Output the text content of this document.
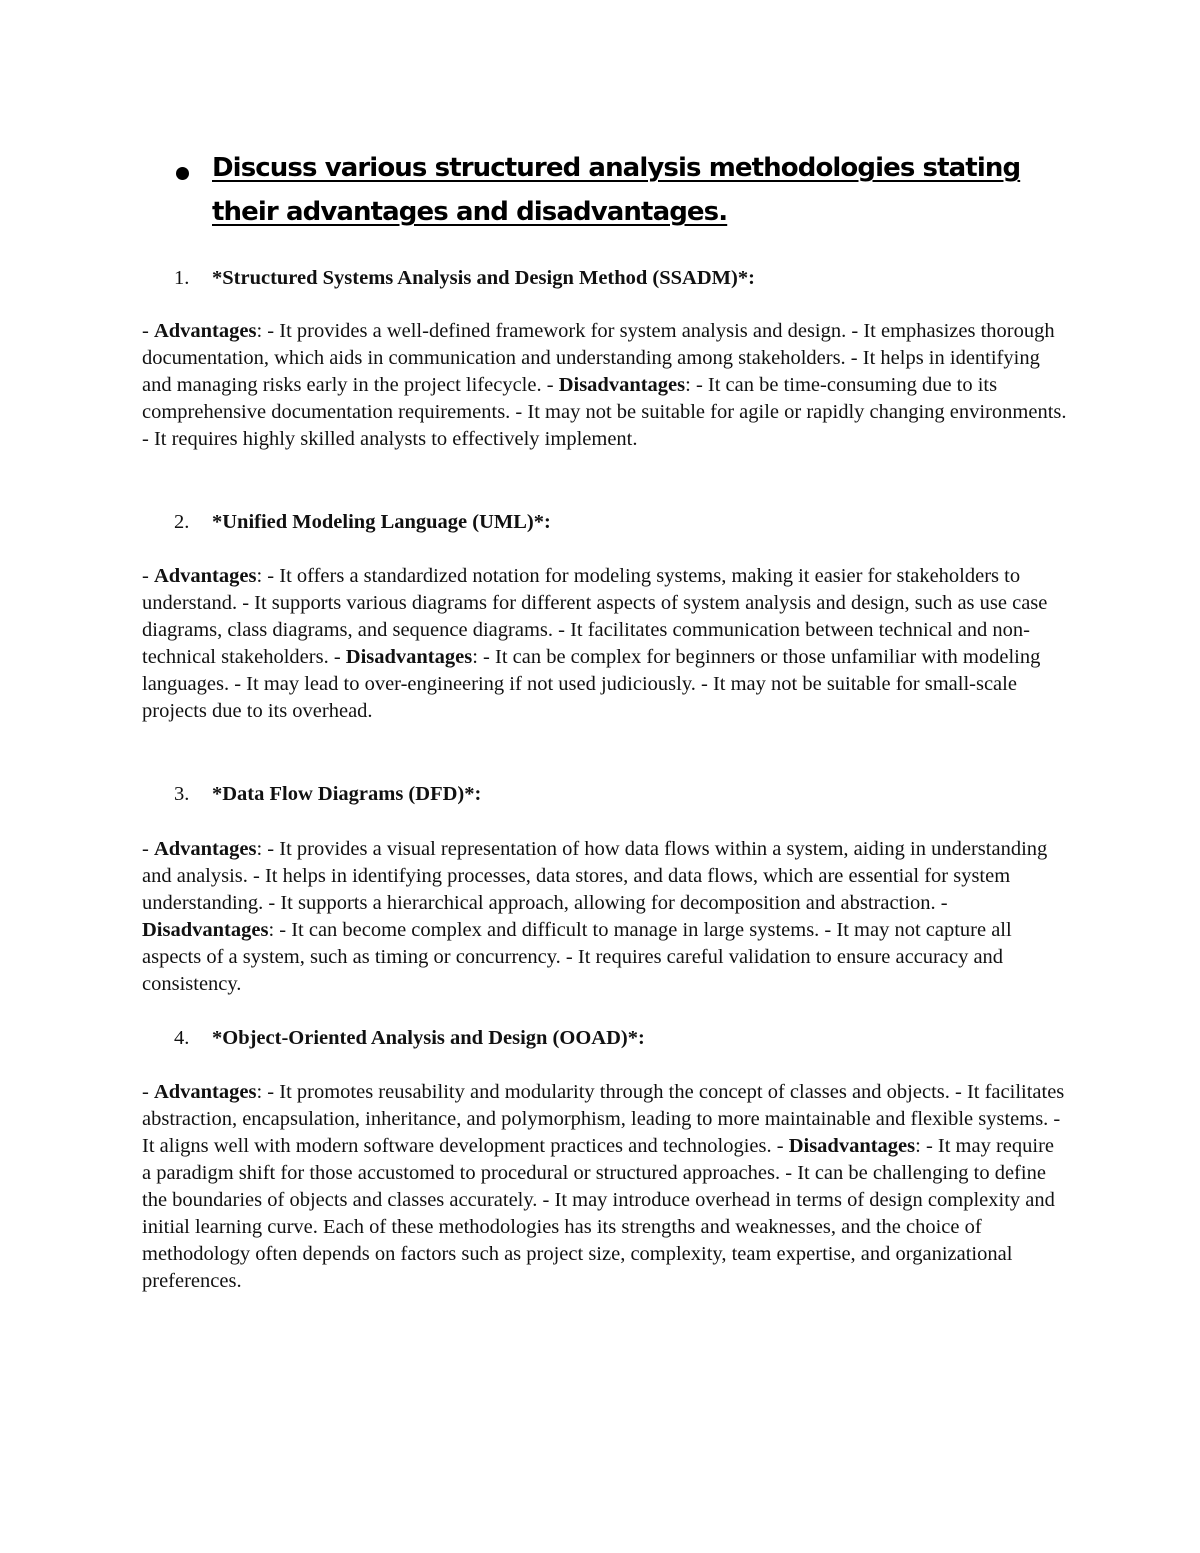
Discuss various structured analysis methodologies stating their advantages and disadvantages.
1. *Structured Systems Analysis and Design Method (SSADM)*:
- Advantages: - It provides a well-defined framework for system analysis and design. - It emphasizes thorough documentation, which aids in communication and understanding among stakeholders. - It helps in identifying and managing risks early in the project lifecycle. - Disadvantages: - It can be time-consuming due to its comprehensive documentation requirements. - It may not be suitable for agile or rapidly changing environments. - It requires highly skilled analysts to effectively implement.
2. *Unified Modeling Language (UML)*:
- Advantages: - It offers a standardized notation for modeling systems, making it easier for stakeholders to understand. - It supports various diagrams for different aspects of system analysis and design, such as use case diagrams, class diagrams, and sequence diagrams. - It facilitates communication between technical and non-technical stakeholders. - Disadvantages: - It can be complex for beginners or those unfamiliar with modeling languages. - It may lead to over-engineering if not used judiciously. - It may not be suitable for small-scale projects due to its overhead.
3. *Data Flow Diagrams (DFD)*:
- Advantages: - It provides a visual representation of how data flows within a system, aiding in understanding and analysis. - It helps in identifying processes, data stores, and data flows, which are essential for system understanding. - It supports a hierarchical approach, allowing for decomposition and abstraction. - Disadvantages: - It can become complex and difficult to manage in large systems. - It may not capture all aspects of a system, such as timing or concurrency. - It requires careful validation to ensure accuracy and consistency.
4. *Object-Oriented Analysis and Design (OOAD)*:
- Advantages: - It promotes reusability and modularity through the concept of classes and objects. - It facilitates abstraction, encapsulation, inheritance, and polymorphism, leading to more maintainable and flexible systems. - It aligns well with modern software development practices and technologies. - Disadvantages: - It may require a paradigm shift for those accustomed to procedural or structured approaches. - It can be challenging to define the boundaries of objects and classes accurately. - It may introduce overhead in terms of design complexity and initial learning curve. Each of these methodologies has its strengths and weaknesses, and the choice of methodology often depends on factors such as project size, complexity, team expertise, and organizational preferences.
